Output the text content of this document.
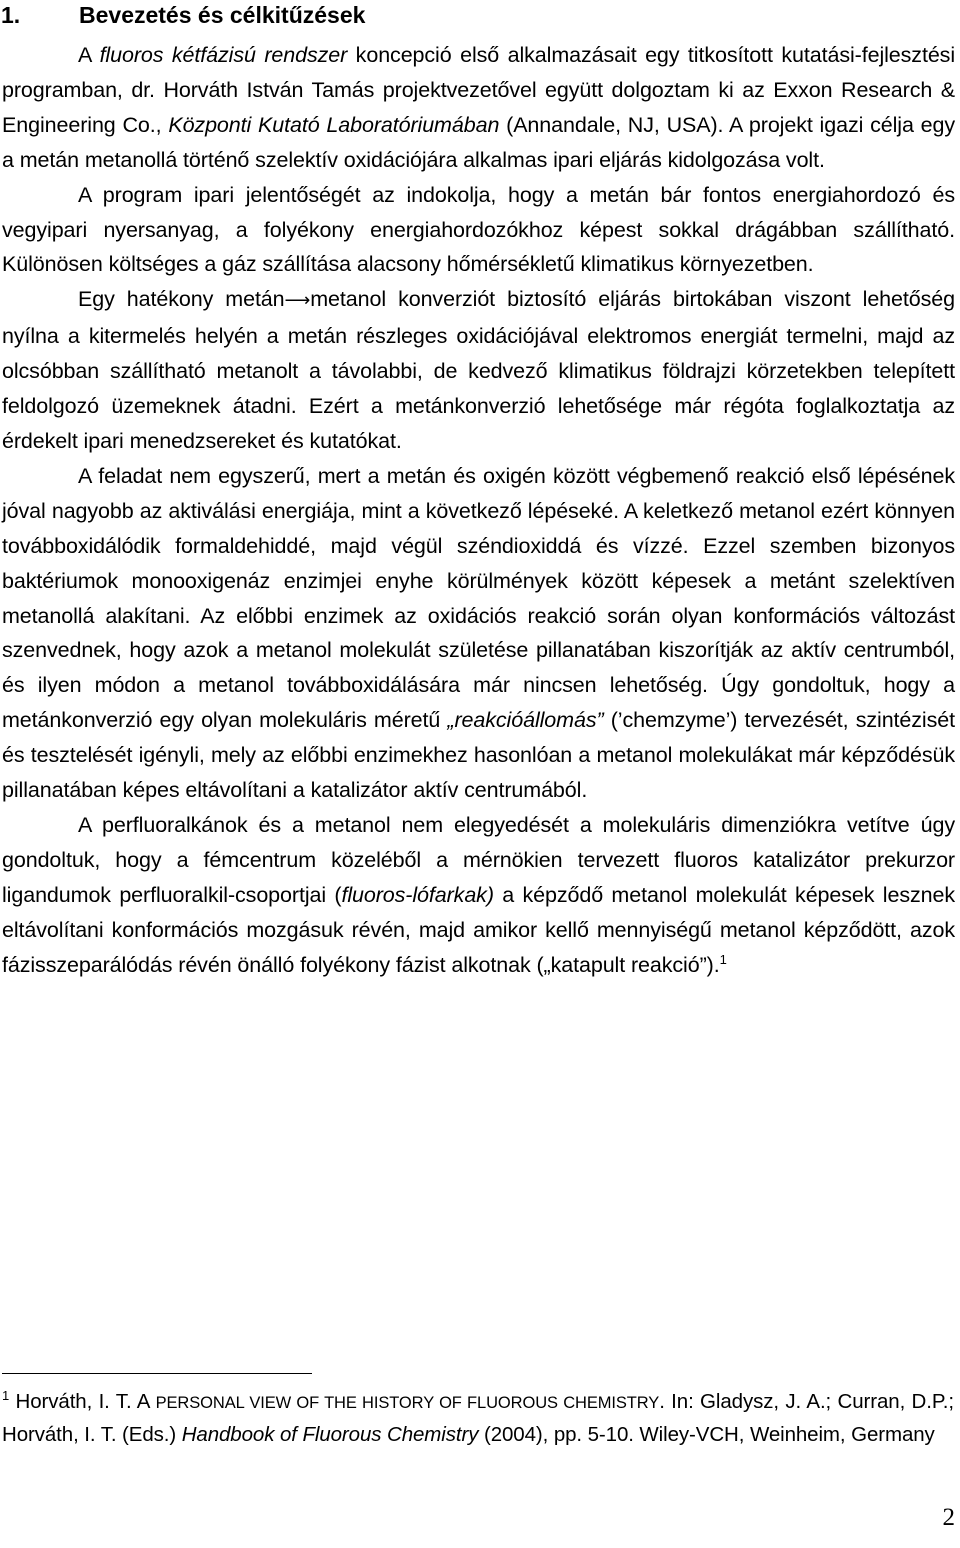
1.	Bevezetés és célkitűzések

A fluoros kétfázisú rendszer koncepció első alkalmazásait egy titkosított kutatási-fejlesztési programban, dr. Horváth István Tamás projektvezetővel együtt dolgoztam ki az Exxon Research & Engineering Co., Központi Kutató Laboratóriumában (Annandale, NJ, USA). A projekt igazi célja egy a metán metanollá történő szelektív oxidációjára alkalmas ipari eljárás kidolgozása volt.

A program ipari jelentőségét az indokolja, hogy a metán bár fontos energiahordozó és vegyipari nyersanyag, a folyékony energiahordozókhoz képest sokkal drágábban szállítható. Különösen költséges a gáz szállítása alacsony hőmérsékletű klimatikus környezetben.

Egy hatékony metán⟶metanol konverziót biztosító eljárás birtokában viszont lehetőség nyílna a kitermelés helyén a metán részleges oxidációjával elektromos energiát termelni, majd az olcsóbban szállítható metanolt a távolabbi, de kedvező klimatikus földrajzi körzetekben telepített feldolgozó üzemeknek átadni. Ezért a metánkonverzió lehetősége már régóta foglalkoztatja az érdekelt ipari menedzsereket és kutatókat.

A feladat nem egyszerű, mert a metán és oxigén között végbemenő reakció első lépésének jóval nagyobb az aktiválási energiája, mint a következő lépéseké. A keletkező metanol ezért könnyen továbboxidálódik formaldehiddé, majd végül széndioxiddá és vízzé. Ezzel szemben bizonyos baktériumok monooxigenáz enzimjei enyhe körülmények között képesek a metánt szelektíven metanollá alakítani. Az előbbi enzimek az oxidációs reakció során olyan konformációs változást szenvednek, hogy azok a metanol molekulát születése pillanatában kiszorítják az aktív centrumból, és ilyen módon a metanol továbboxidálására már nincsen lehetőség. Úgy gondoltuk, hogy a metánkonverzió egy olyan molekuláris méretű „reakcióállomás” (’chemzyme’) tervezését, szintézisét és tesztelését igényli, mely az előbbi enzimekhez hasonlóan a metanol molekulákat már képződésük pillanatában képes eltávolítani a katalizátor aktív centrumából.

A perfluoralkánok és a metanol nem elegyedését a molekuláris dimenziókra vetítve úgy gondoltuk, hogy a fémcentrum közeléből a mérnökien tervezett fluoros katalizátor prekurzor ligandumok perfluoralkil-csoportjai (fluoros-lófarkak) a képződő metanol molekulát képesek lesznek eltávolítani konformációs mozgásuk révén, majd amikor kellő mennyiségű metanol képződött, azok fázisszeparálódás révén önálló folyékony fázist alkotnak („katapult reakció”).$^1$

$^1$ Horváth, I. T. A PERSONAL VIEW OF THE HISTORY OF FLUOROUS CHEMISTRY. In: Gladysz, J. A.; Curran, D.P.; Horváth, I. T. (Eds.) Handbook of Fluorous Chemistry (2004), pp. 5-10. Wiley-VCH, Weinheim, Germany
2
